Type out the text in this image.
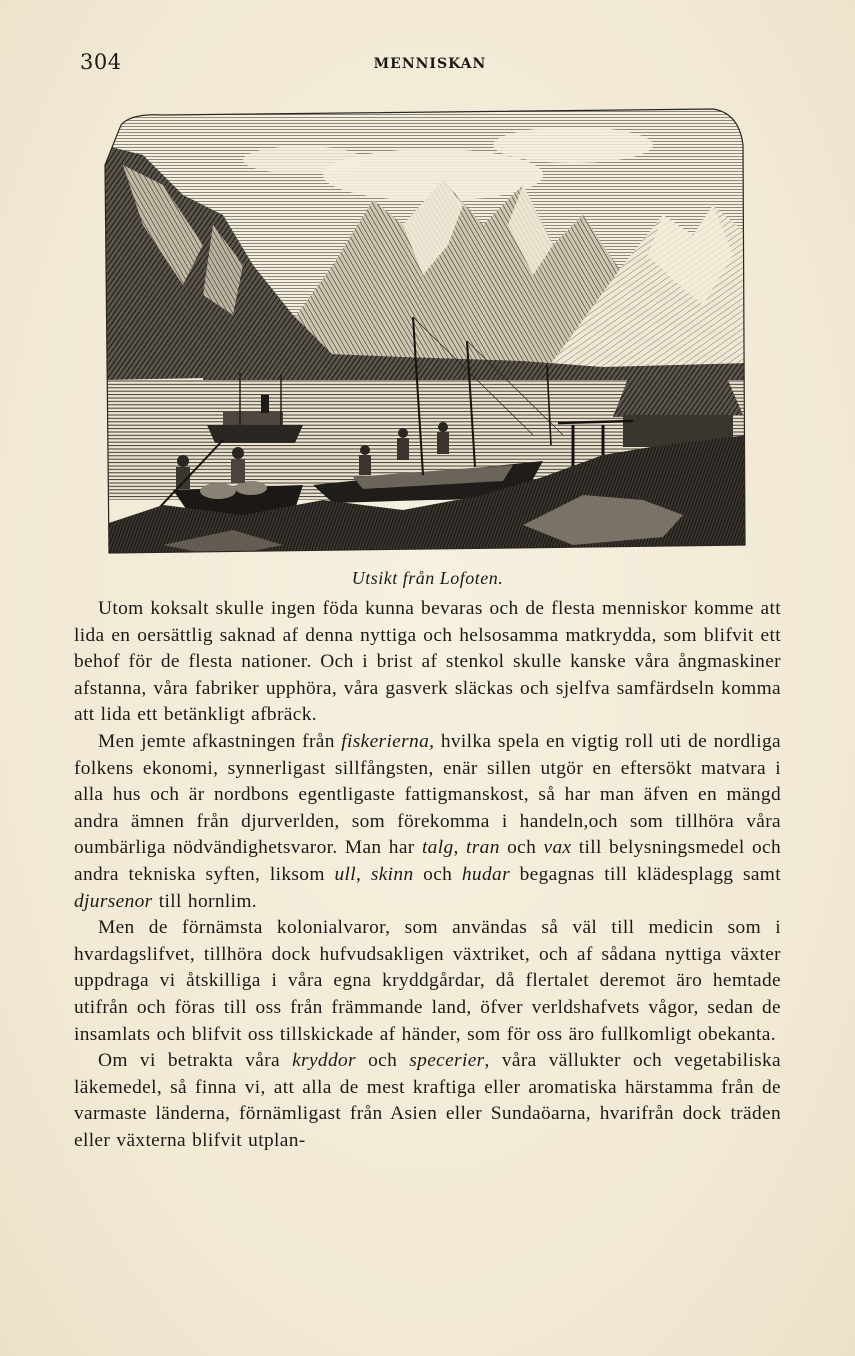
304	MENNISKAN
Utsikt från Lofoten.

Utom koksalt skulle ingen föda kunna bevaras och de flesta menniskor komme att lida en oersättlig saknad af denna nyttiga och helsosamma matkrydda, som blifvit ett behof för de flesta nationer. Och i brist af stenkol skulle kanske våra ångmaskiner afstanna, våra fabriker upphöra, våra gasverk släckas och sjelfva samfärdseln komma att lida ett betänkligt afbräck.

Men jemte afkastningen från fiskerierna, hvilka spela en vigtig roll uti de nordliga folkens ekonomi, synnerligast sillfångsten, enär sillen utgör en eftersökt matvara i alla hus och är nordbons egentligaste fattigmanskost, så har man äfven en mängd andra ämnen från djurverlden, som förekomma i handeln,och som tillhöra våra oumbärliga nödvändighetsvaror. Man har talg, tran och vax till belysningsmedel och andra tekniska syften, liksom ull, skinn och hudar begagnas till klädesplagg samt djursenor till hornlim.

Men de förnämsta kolonialvaror, som användas så väl till medicin som i hvardagslifvet, tillhöra dock hufvudsakligen växtriket, och af sådana nyttiga växter uppdraga vi åtskilliga i våra egna kryddgårdar, då flertalet deremot äro hemtade utifrån och föras till oss från främmande land, öfver verldshafvets vågor, sedan de insamlats och blifvit oss tillskickade af händer, som för oss äro fullkomligt obekanta.

Om vi betrakta våra kryddor och specerier, våra vällukter och vegetabiliska läkemedel, så finna vi, att alla de mest kraftiga eller aromatiska härstamma från de varmaste länderna, förnämligast från Asien eller Sundaöarna, hvarifrån dock träden eller växterna blifvit utplan-
